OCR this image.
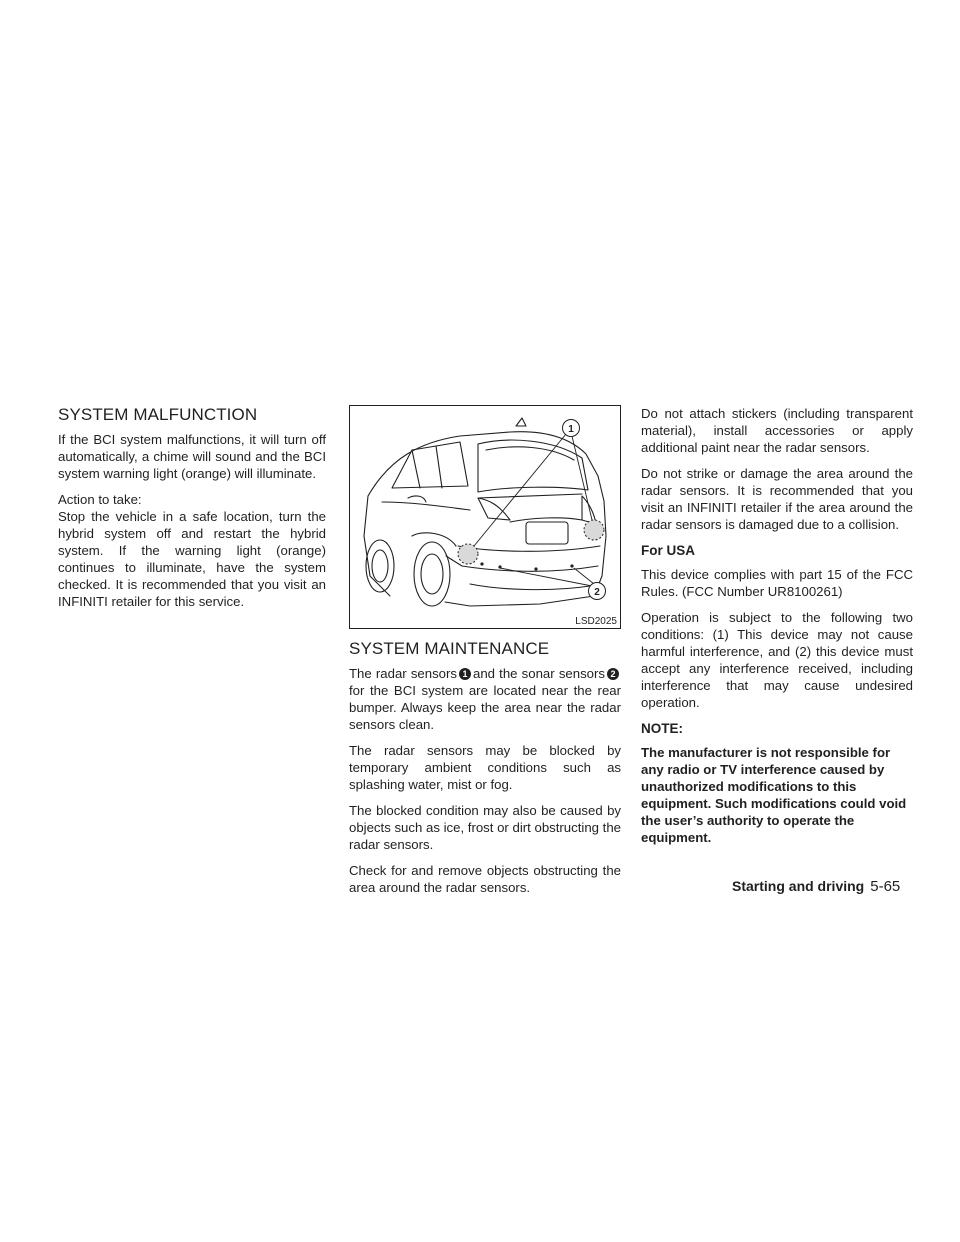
SYSTEM MALFUNCTION

If the BCI system malfunctions, it will turn off automatically, a chime will sound and the BCI system warning light (orange) will illuminate.

Action to take:

Stop the vehicle in a safe location, turn the hybrid system off and restart the hybrid system. If the warning light (orange) continues to illuminate, have the system checked. It is recommended that you visit an INFINITI retailer for this service.

1
2
LSD2025
SYSTEM MAINTENANCE

The radar sensors 1 and the sonar sensors 2 for the BCI system are located near the rear bumper. Always keep the area near the radar sensors clean.

The radar sensors may be blocked by temporary ambient conditions such as splashing water, mist or fog.

The blocked condition may also be caused by objects such as ice, frost or dirt obstructing the radar sensors.

Check for and remove objects obstructing the area around the radar sensors.

Do not attach stickers (including transparent material), install accessories or apply additional paint near the radar sensors.

Do not strike or damage the area around the radar sensors. It is recommended that you visit an INFINITI retailer if the area around the radar sensors is damaged due to a collision.

For USA

This device complies with part 15 of the FCC Rules. (FCC Number UR8100261)

Operation is subject to the following two conditions: (1) This device may not cause harmful interference, and (2) this device must accept any interference received, including interference that may cause undesired operation.

NOTE:

The manufacturer is not responsible for any radio or TV interference caused by unauthorized modifications to this equipment. Such modifications could void the user’s authority to operate the equipment.

Starting and driving 5-65
